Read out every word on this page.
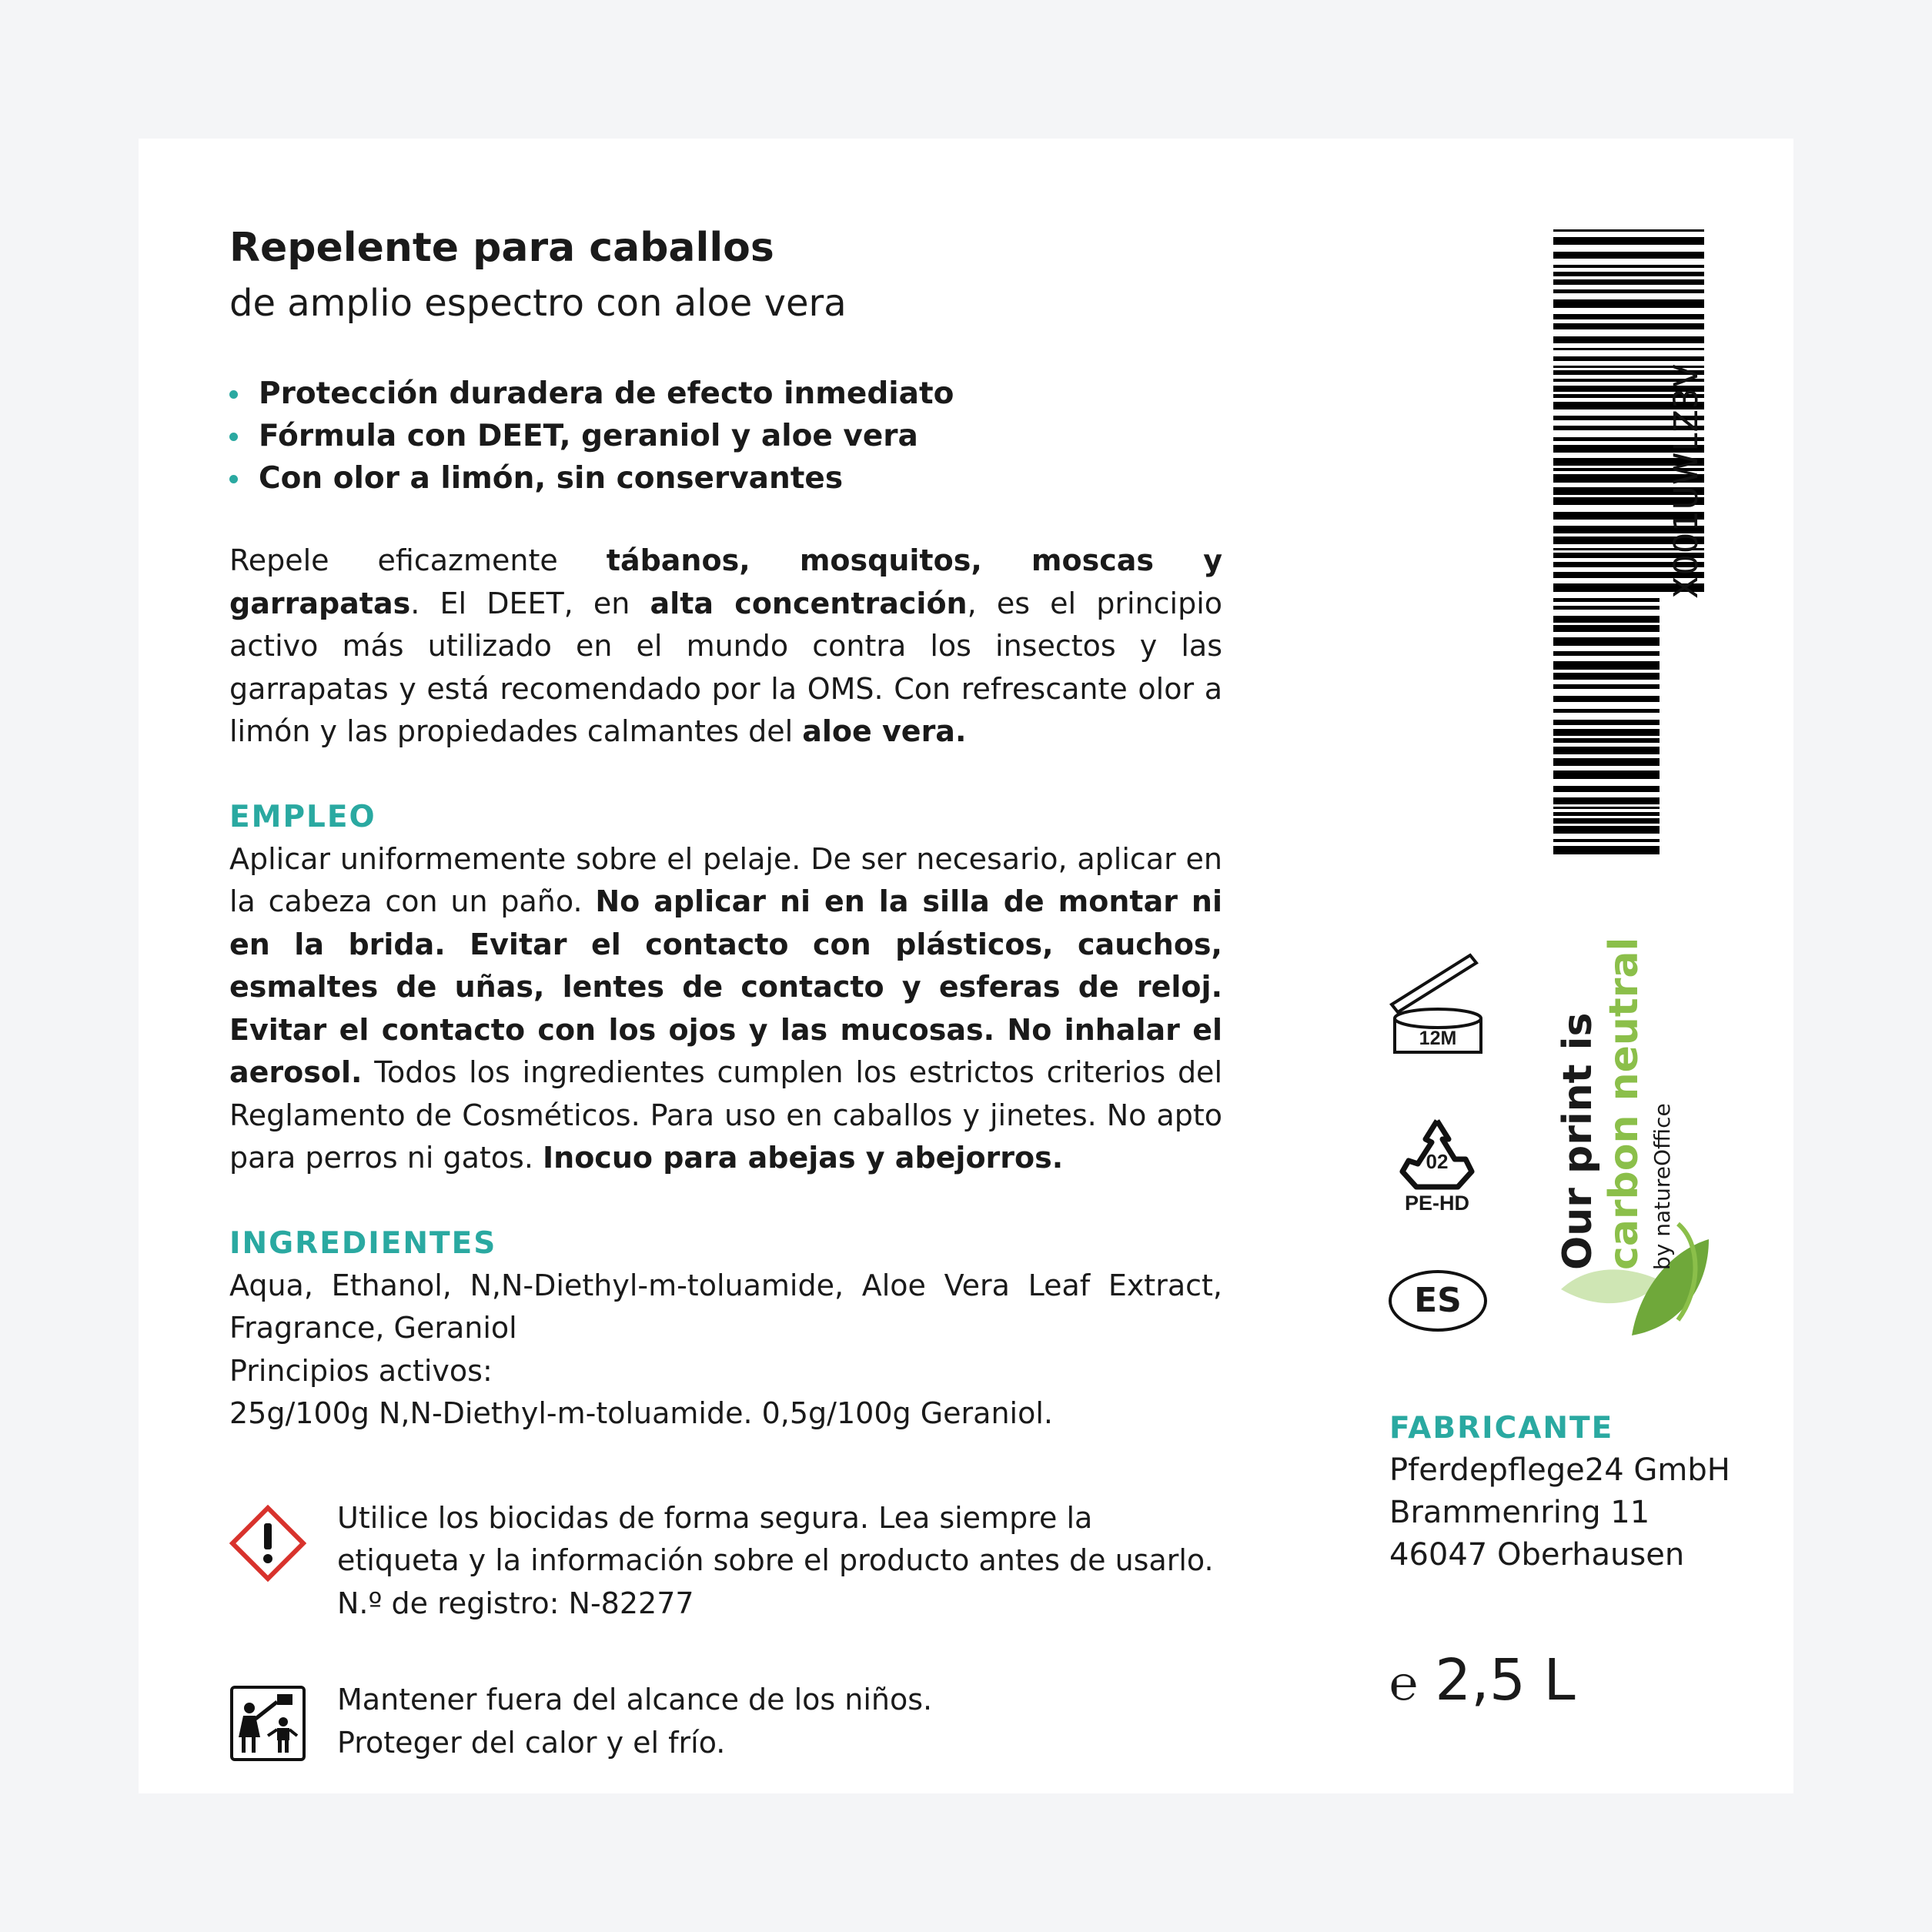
Repelente para caballos

de amplio espectro con aloe vera

Protección duradera de efecto inmediato
Fórmula con DEET, geraniol y aloe vera
Con olor a limón, sin conservantes

Repele eficazmente tábanos, mosquitos, moscas y garrapatas. El DEET, en alta concentración, es el principio activo más utilizado en el mundo contra los insectos y las garrapatas y está recomendado por la OMS. Con refrescante olor a limón y las propiedades calmantes del aloe vera.

EMPLEO

Aplicar uniformemente sobre el pelaje. De ser necesario, aplicar en la cabeza con un paño. No aplicar ni en la silla de montar ni en la brida. Evitar el contacto con plásticos, cauchos, esmaltes de uñas, lentes de contacto y esferas de reloj. Evitar el contacto con los ojos y las mucosas. No inhalar el aerosol. Todos los ingredientes cumplen los estrictos criterios del Reglamento de Cosméticos. Para uso en caballos y jinetes. No apto para perros ni gatos. Inocuo para abejas y abejorros.

INGREDIENTES

Aqua, Ethanol, N,N-Diethyl-m-toluamide, Aloe Vera Leaf Extract, Fragrance, Geraniol

Principios activos:

25g/100g N,N-Diethyl-m-toluamide. 0,5g/100g Geraniol.

Utilice los biocidas de forma segura. Lea siempre la etiqueta y la información sobre el producto antes de usarlo.
N.º de registro: N-82277
Mantener fuera del alcance de los niños.
Proteger del calor y el frío.
X001UWLZ3V
12M
02
PE-HD
ES
Our print is carbon neutral by natureOffice
FABRICANTE
Pferdepflege24 GmbH
Brammenring 11
46047 Oberhausen
℮ 2,5 L
